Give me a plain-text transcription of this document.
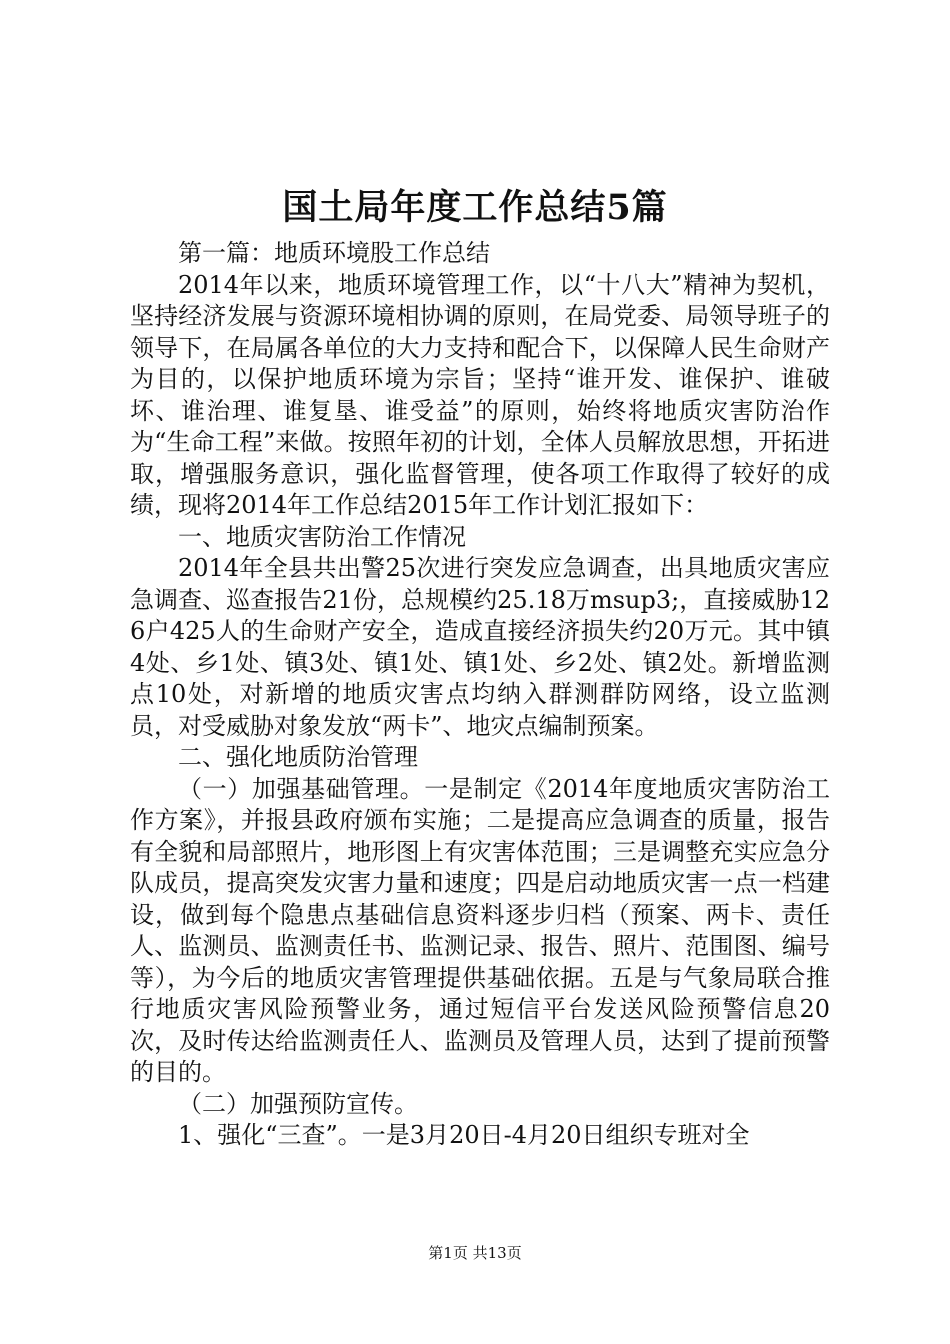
国土局年度工作总结5篇

第一篇：地质环境股工作总结

2014年以来，地质环境管理工作，以“十八大”精神为契机，坚持经济发展与资源环境相协调的原则，在局党委、局领导班子的领导下，在局属各单位的大力支持和配合下，以保障人民生命财产为目的，以保护地质环境为宗旨；坚持“谁开发、谁保护、谁破坏、谁治理、谁复垦、谁受益”的原则，始终将地质灾害防治作为“生命工程”来做。按照年初的计划，全体人员解放思想，开拓进取，增强服务意识，强化监督管理，使各项工作取得了较好的成绩，现将2014年工作总结2015年工作计划汇报如下：

一、地质灾害防治工作情况

2014年全县共出警25次进行突发应急调查，出具地质灾害应急调查、巡查报告21份，总规模约25.18万msup3;，直接威胁126户425人的生命财产安全，造成直接经济损失约20万元。其中镇4处、乡1处、镇3处、镇1处、镇1处、乡2处、镇2处。新增监测点10处，对新增的地质灾害点均纳入群测群防网络，设立监测员，对受威胁对象发放“两卡”、地灾点编制预案。

二、强化地质防治管理

（一）加强基础管理。一是制定《2014年度地质灾害防治工作方案》，并报县政府颁布实施；二是提高应急调查的质量，报告有全貌和局部照片，地形图上有灾害体范围；三是调整充实应急分队成员，提高突发灾害力量和速度；四是启动地质灾害一点一档建设，做到每个隐患点基础信息资料逐步归档（预案、两卡、责任人、监测员、监测责任书、监测记录、报告、照片、范围图、编号等），为今后的地质灾害管理提供基础依据。五是与气象局联合推行地质灾害风险预警业务，通过短信平台发送风险预警信息20次，及时传达给监测责任人、监测员及管理人员，达到了提前预警的目的。

（二）加强预防宣传。

1、强化“三查”。一是3月20日-4月20日组织专班对全

第1页 共13页
